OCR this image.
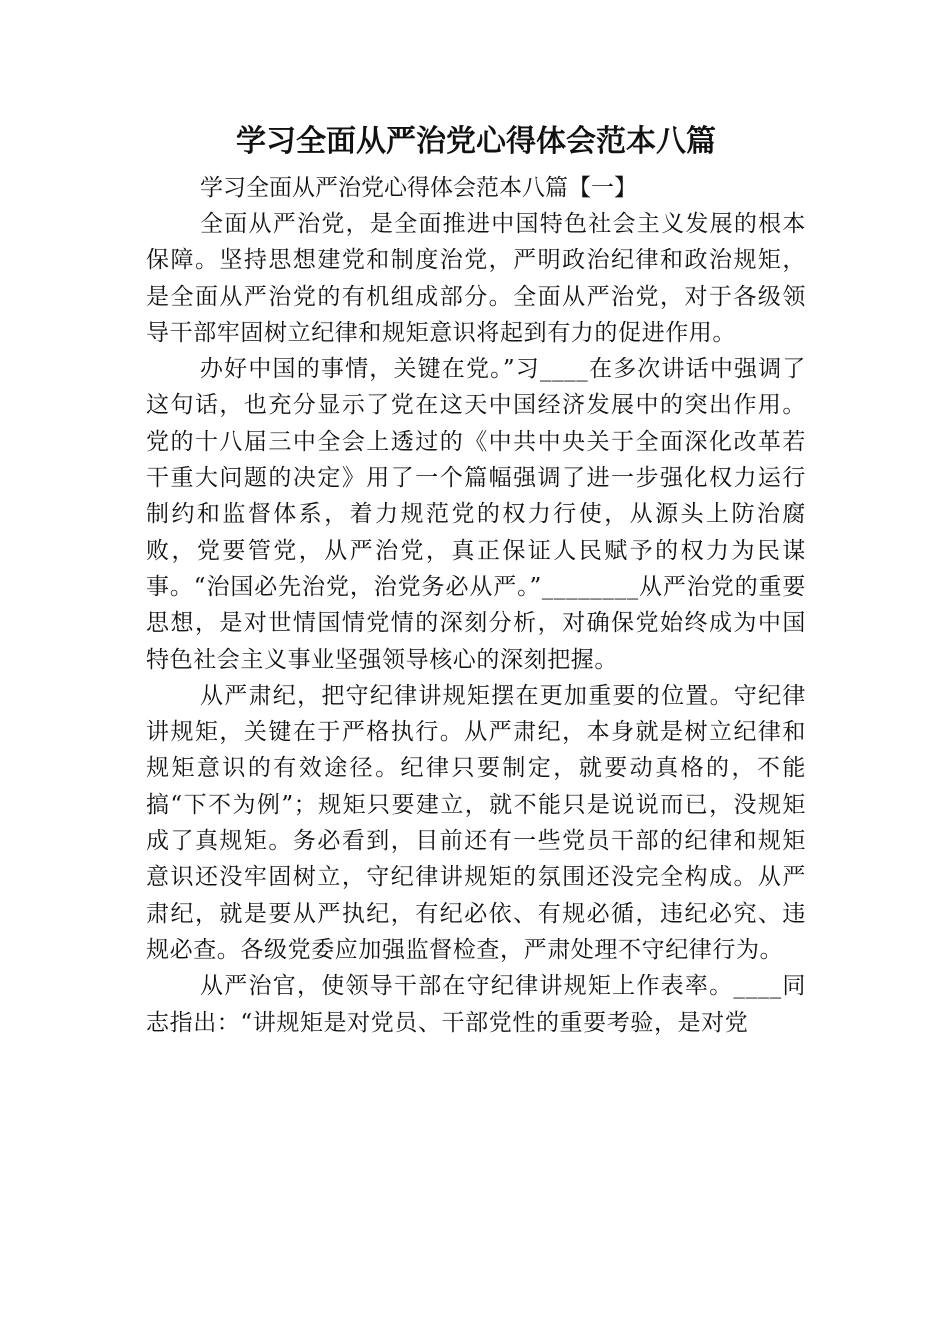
学习全面从严治党心得体会范本八篇

学习全面从严治党心得体会范本八篇【一】

全面从严治党，是全面推进中国特色社会主义发展的根本保障。坚持思想建党和制度治党，严明政治纪律和政治规矩，是全面从严治党的有机组成部分。全面从严治党，对于各级领导干部牢固树立纪律和规矩意识将起到有力的促进作用。

办好中国的事情，关键在党。”习____在多次讲话中强调了这句话，也充分显示了党在这天中国经济发展中的突出作用。党的十八届三中全会上透过的《中共中央关于全面深化改革若干重大问题的决定》用了一个篇幅强调了进一步强化权力运行制约和监督体系，着力规范党的权力行使，从源头上防治腐败，党要管党，从严治党，真正保证人民赋予的权力为民谋事。“治国必先治党，治党务必从严。”________从严治党的重要思想，是对世情国情党情的深刻分析，对确保党始终成为中国特色社会主义事业坚强领导核心的深刻把握。

从严肃纪，把守纪律讲规矩摆在更加重要的位置。守纪律讲规矩，关键在于严格执行。从严肃纪，本身就是树立纪律和规矩意识的有效途径。纪律只要制定，就要动真格的，不能搞“下不为例”；规矩只要建立，就不能只是说说而已，没规矩成了真规矩。务必看到，目前还有一些党员干部的纪律和规矩意识还没牢固树立，守纪律讲规矩的氛围还没完全构成。从严肃纪，就是要从严执纪，有纪必依、有规必循，违纪必究、违规必查。各级党委应加强监督检查，严肃处理不守纪律行为。

从严治官，使领导干部在守纪律讲规矩上作表率。____同志指出：“讲规矩是对党员、干部党性的重要考验，是对党
